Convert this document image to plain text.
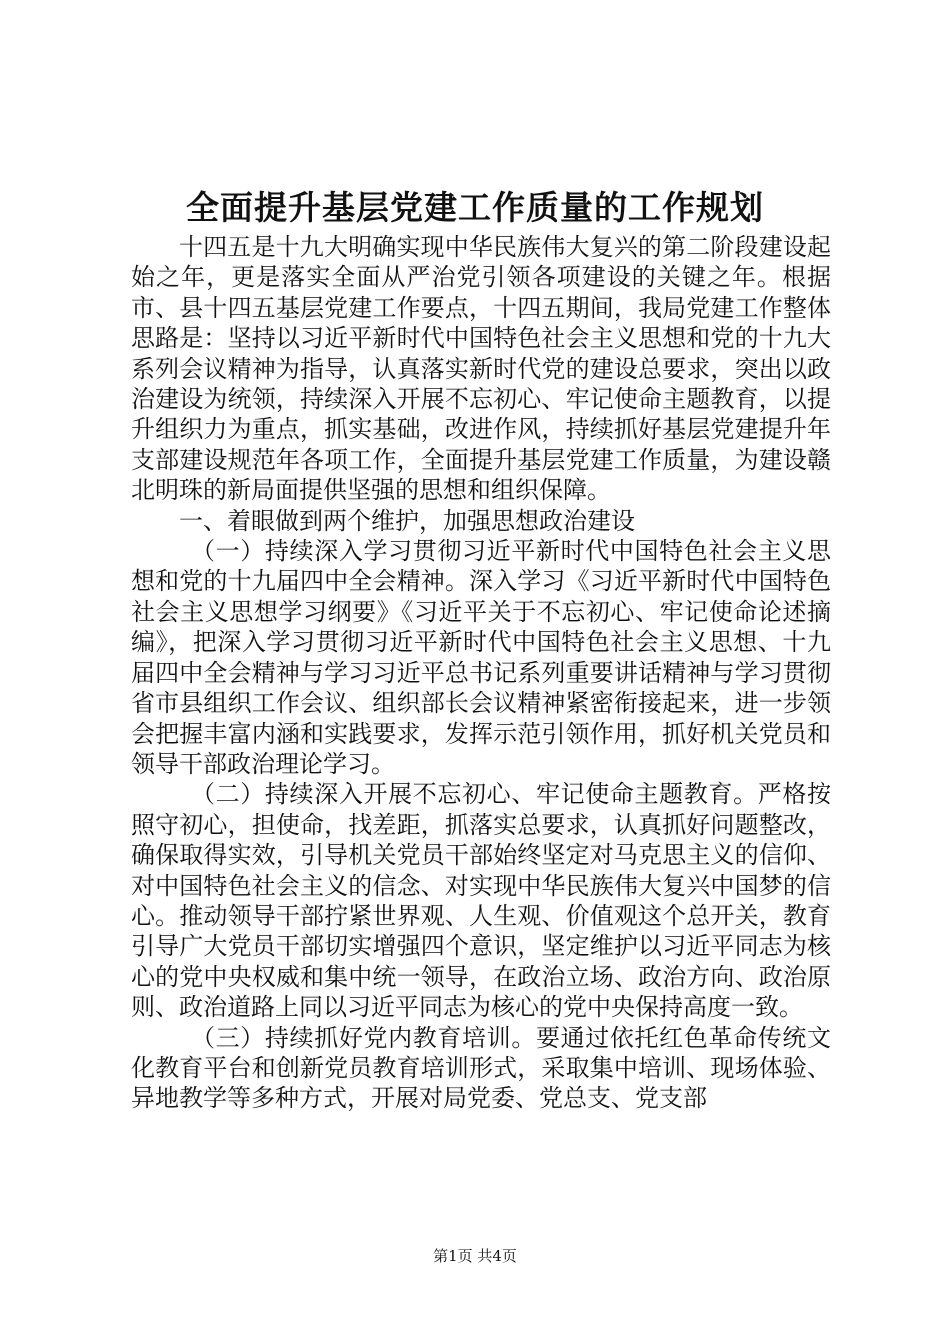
全面提升基层党建工作质量的工作规划

十四五是十九大明确实现中华民族伟大复兴的第二阶段建设起始之年，更是落实全面从严治党引领各项建设的关键之年。根据市、县十四五基层党建工作要点，十四五期间，我局党建工作整体思路是：坚持以习近平新时代中国特色社会主义思想和党的十九大系列会议精神为指导，认真落实新时代党的建设总要求，突出以政治建设为统领，持续深入开展不忘初心、牢记使命主题教育，以提升组织力为重点，抓实基础，改进作风，持续抓好基层党建提升年支部建设规范年各项工作，全面提升基层党建工作质量，为建设赣北明珠的新局面提供坚强的思想和组织保障。

一、着眼做到两个维护，加强思想政治建设

（一）持续深入学习贯彻习近平新时代中国特色社会主义思想和党的十九届四中全会精神。深入学习《习近平新时代中国特色社会主义思想学习纲要》《习近平关于不忘初心、牢记使命论述摘编》，把深入学习贯彻习近平新时代中国特色社会主义思想、十九届四中全会精神与学习习近平总书记系列重要讲话精神与学习贯彻省市县组织工作会议、组织部长会议精神紧密衔接起来，进一步领会把握丰富内涵和实践要求，发挥示范引领作用，抓好机关党员和领导干部政治理论学习。

（二）持续深入开展不忘初心、牢记使命主题教育。严格按照守初心，担使命，找差距，抓落实总要求，认真抓好问题整改，确保取得实效，引导机关党员干部始终坚定对马克思主义的信仰、对中国特色社会主义的信念、对实现中华民族伟大复兴中国梦的信心。推动领导干部拧紧世界观、人生观、价值观这个总开关，教育引导广大党员干部切实增强四个意识，坚定维护以习近平同志为核心的党中央权威和集中统一领导，在政治立场、政治方向、政治原则、政治道路上同以习近平同志为核心的党中央保持高度一致。

（三）持续抓好党内教育培训。要通过依托红色革命传统文化教育平台和创新党员教育培训形式，采取集中培训、现场体验、异地教学等多种方式，开展对局党委、党总支、党支部

第1页 共4页
